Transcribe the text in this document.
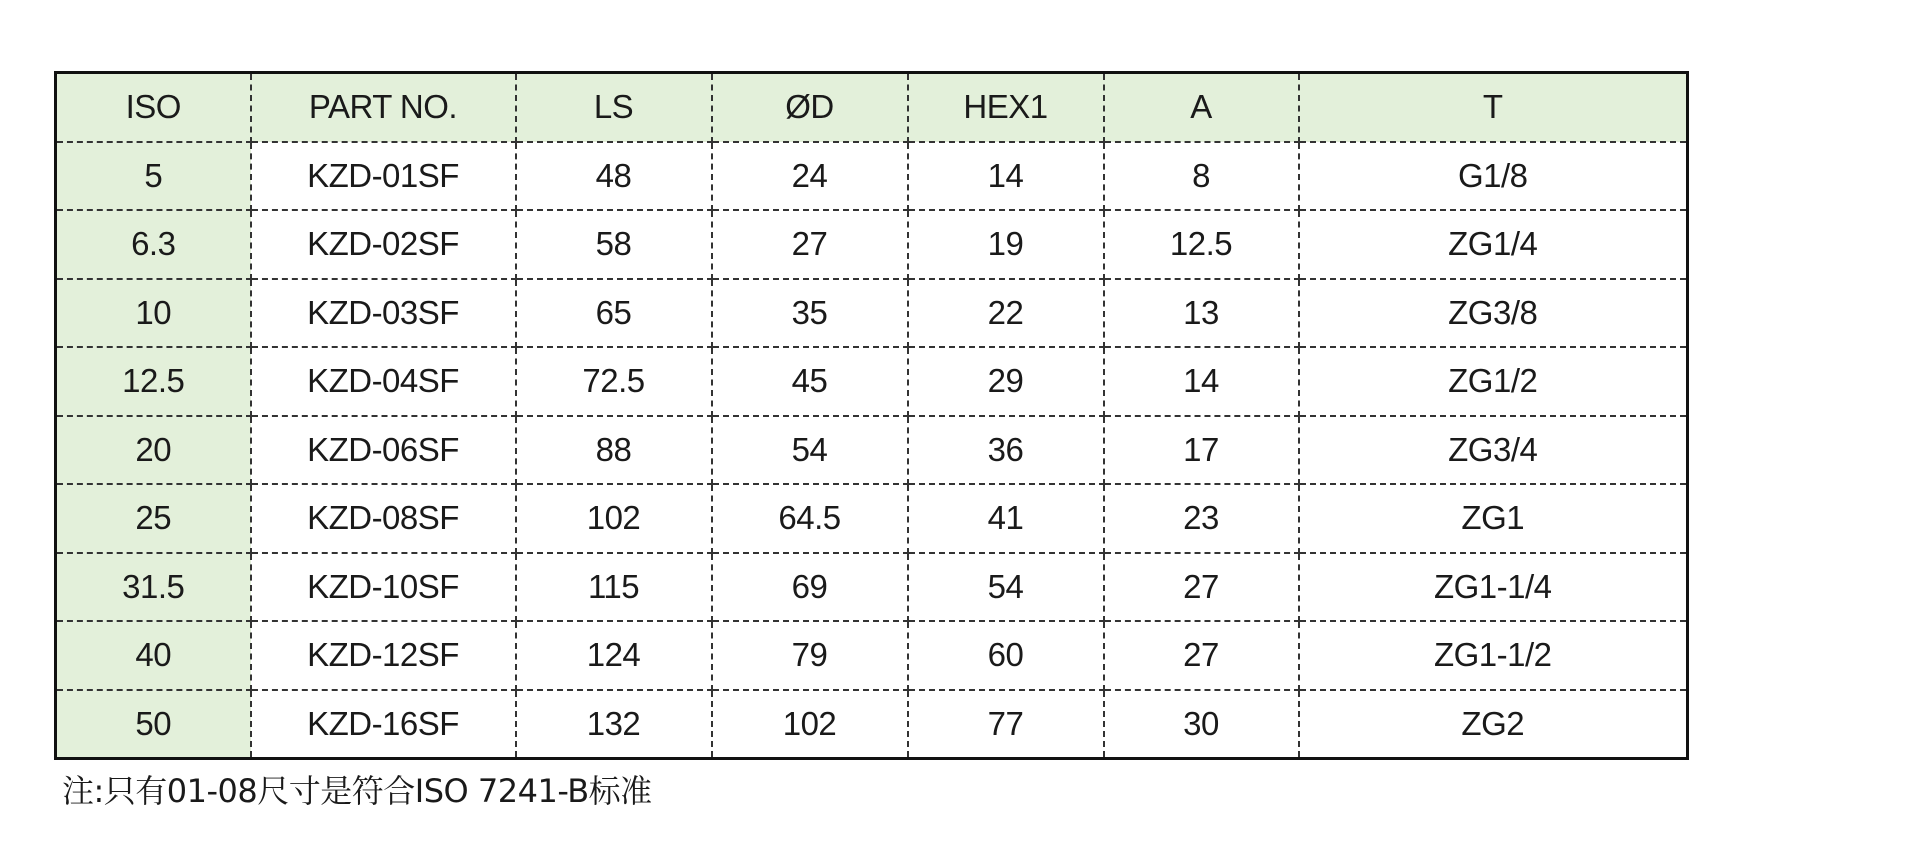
ISO	PART NO.	LS	ØD	HEX1	A	T
5	KZD-01SF	48	24	14	8	G1/8
6.3	KZD-02SF	58	27	19	12.5	ZG1/4
10	KZD-03SF	65	35	22	13	ZG3/8
12.5	KZD-04SF	72.5	45	29	14	ZG1/2
20	KZD-06SF	88	54	36	17	ZG3/4
25	KZD-08SF	102	64.5	41	23	ZG1
31.5	KZD-10SF	115	69	54	27	ZG1-1/4
40	KZD-12SF	124	79	60	27	ZG1-1/2
50	KZD-16SF	132	102	77	30	ZG2
注:只有01-08尺寸是符合ISO 7241-B标准
